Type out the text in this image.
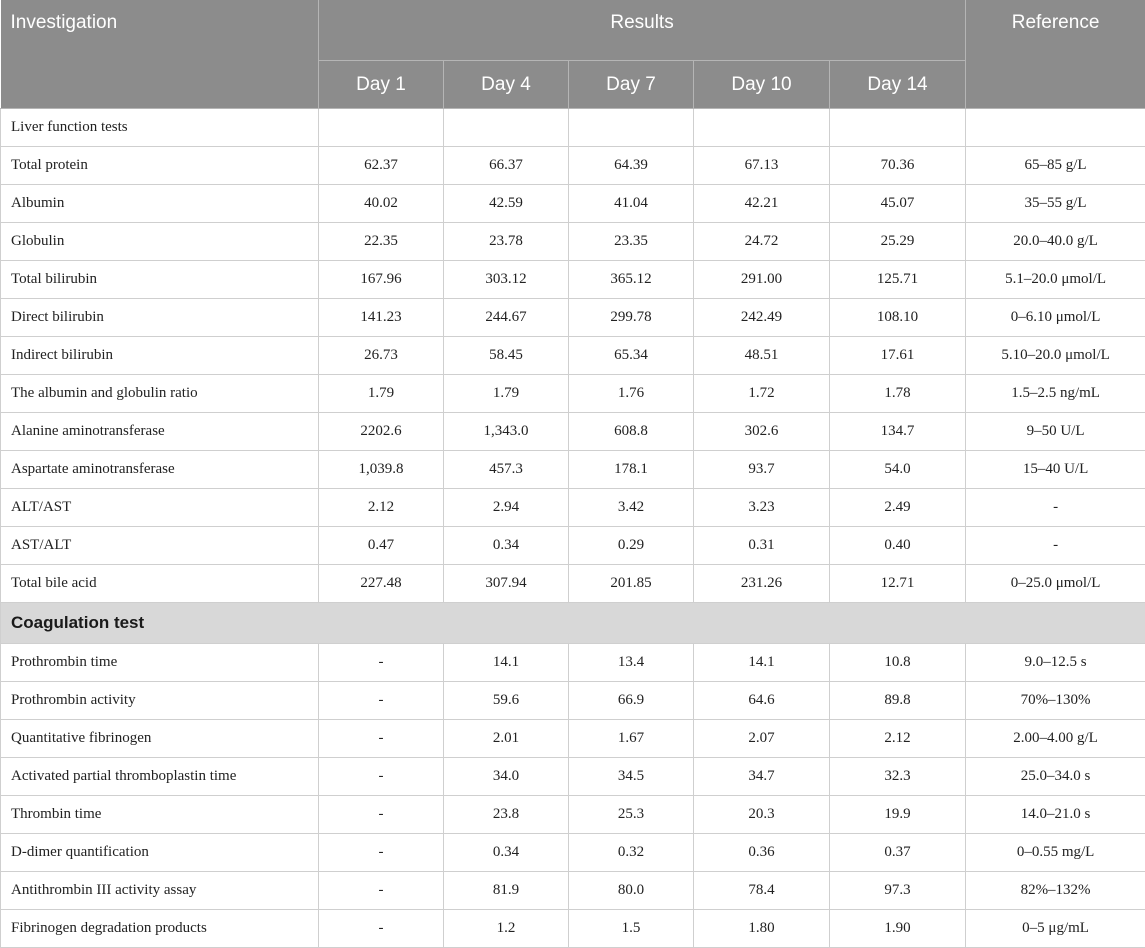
Investigation	Results					Reference
	Day 1	Day 4	Day 7	Day 10	Day 14	
Liver function tests						
Total protein	62.37	66.37	64.39	67.13	70.36	65–85 g/L
Albumin	40.02	42.59	41.04	42.21	45.07	35–55 g/L
Globulin	22.35	23.78	23.35	24.72	25.29	20.0–40.0 g/L
Total bilirubin	167.96	303.12	365.12	291.00	125.71	5.1–20.0 μmol/L
Direct bilirubin	141.23	244.67	299.78	242.49	108.10	0–6.10 μmol/L
Indirect bilirubin	26.73	58.45	65.34	48.51	17.61	5.10–20.0 μmol/L
The albumin and globulin ratio	1.79	1.79	1.76	1.72	1.78	1.5–2.5 ng/mL
Alanine aminotransferase	2202.6	1,343.0	608.8	302.6	134.7	9–50 U/L
Aspartate aminotransferase	1,039.8	457.3	178.1	93.7	54.0	15–40 U/L
ALT/AST	2.12	2.94	3.42	3.23	2.49	-
AST/ALT	0.47	0.34	0.29	0.31	0.40	-
Total bile acid	227.48	307.94	201.85	231.26	12.71	0–25.0 μmol/L
Coagulation test						
Prothrombin time	-	14.1	13.4	14.1	10.8	9.0–12.5 s
Prothrombin activity	-	59.6	66.9	64.6	89.8	70%–130%
Quantitative fibrinogen	-	2.01	1.67	2.07	2.12	2.00–4.00 g/L
Activated partial thromboplastin time	-	34.0	34.5	34.7	32.3	25.0–34.0 s
Thrombin time	-	23.8	25.3	20.3	19.9	14.0–21.0 s
D-dimer quantification	-	0.34	0.32	0.36	0.37	0–0.55 mg/L
Antithrombin III activity assay	-	81.9	80.0	78.4	97.3	82%–132%
Fibrinogen degradation products	-	1.2	1.5	1.80	1.90	0–5 μg/mL
